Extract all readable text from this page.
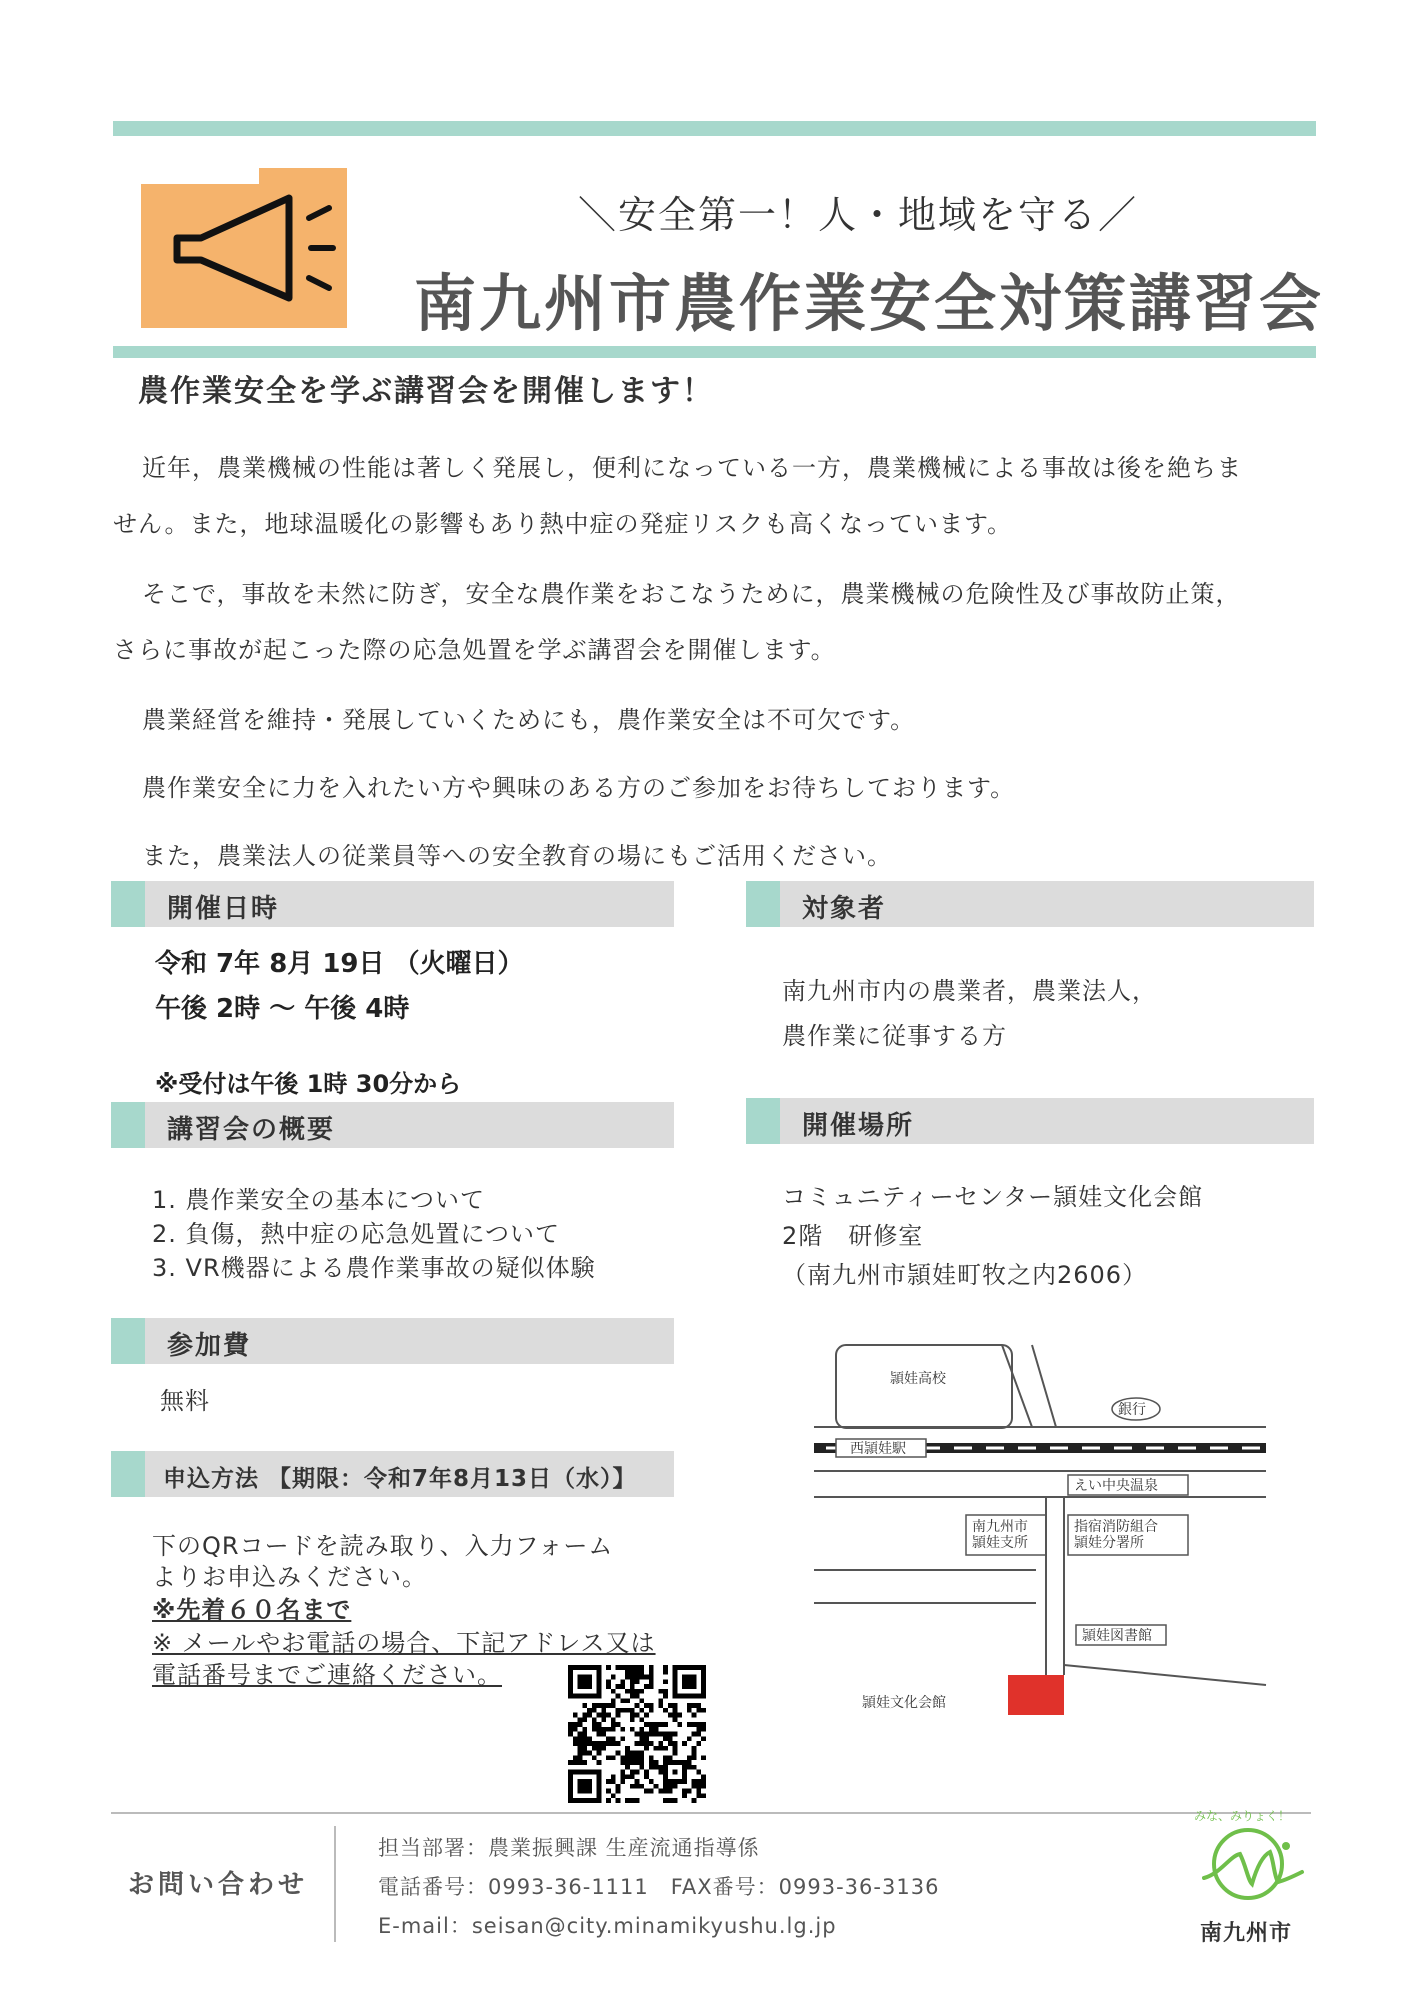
＼安全第一！人・地域を守る／
南九州市農作業安全対策講習会
農作業安全を学ぶ講習会を開催します！
近年，農業機械の性能は著しく発展し，便利になっている一方，農業機械による事故は後を絶ちま
せん。また，地球温暖化の影響もあり熱中症の発症リスクも高くなっています。
そこで，事故を未然に防ぎ，安全な農作業をおこなうために，農業機械の危険性及び事故防止策，
さらに事故が起こった際の応急処置を学ぶ講習会を開催します。
農業経営を維持・発展していくためにも，農作業安全は不可欠です。
農作業安全に力を入れたい方や興味のある方のご参加をお待ちしております。
また，農業法人の従業員等への安全教育の場にもご活用ください。
開催日時
令和 7年 8月 19日 （火曜日）
午後 2時 ～ 午後 4時
※受付は午後 1時 30分から
対象者
南九州市内の農業者，農業法人，
農作業に従事する方
講習会の概要
1. 農作業安全の基本について
2. 負傷，熱中症の応急処置について
3. VR機器による農作業事故の疑似体験
開催場所
コミュニティーセンター頴娃文化会館
2階　研修室
（南九州市頴娃町牧之内2606）
参加費
無料
申込方法 【期限：令和7年8月13日（水）】
下のQRコードを読み取り、入力フォーム
よりお申込みください。
※先着６０名まで
※ メールやお電話の場合、下記アドレス又は
電話番号までご連絡ください。
頴娃高校
銀行
西頴娃駅
えい中央温泉
南九州市
頴娃支所
指宿消防組合
頴娃分署所
頴娃図書館
頴娃文化会館
お問い合わせ
担当部署：農業振興課 生産流通指導係
電話番号：0993-36-1111　FAX番号：0993-36-3136
E-mail：seisan@city.minamikyushu.lg.jp
みな、みりょく！
南九州市
